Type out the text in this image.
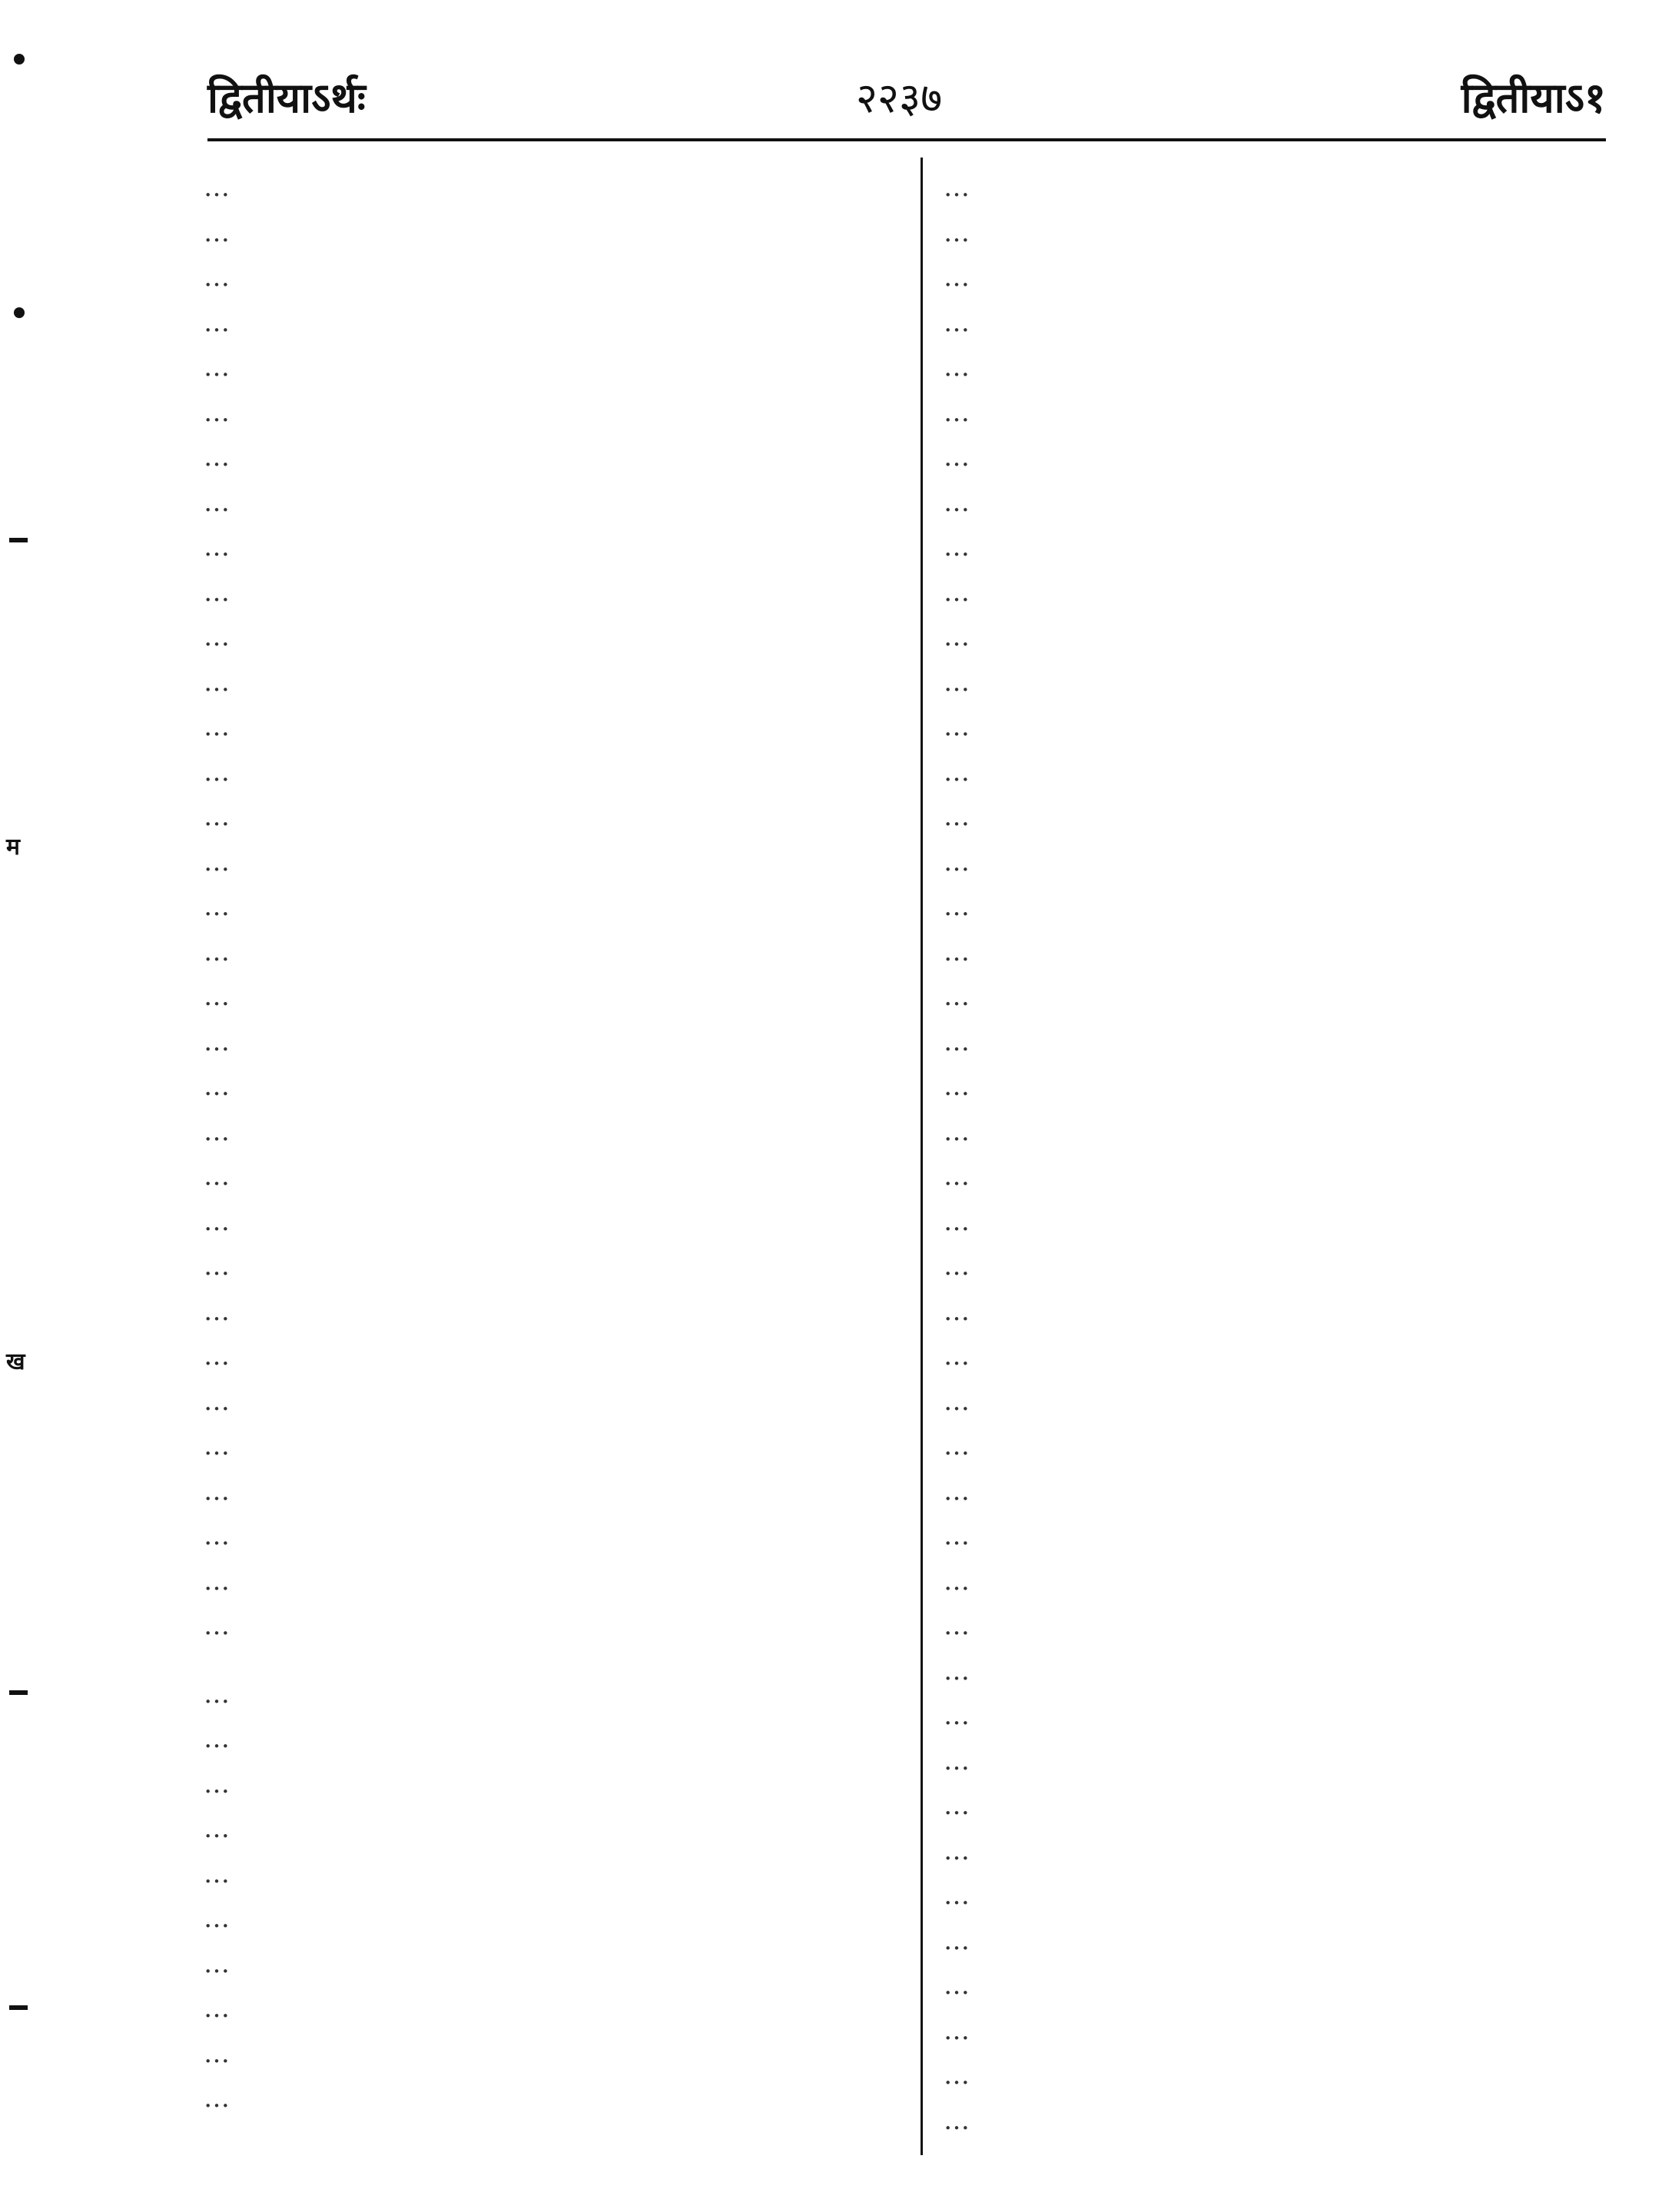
म
ख
द्वितीयाऽर्थः	२२३७	द्वितीयाऽ१
…
…
…
…
…
…
…
…
…
…
…
…
…
…
…
…
…
…
…
…
…
…
…
…
…
…
…
…
…
…
…
…
…
…
…
…
…
…
…
…
…
…
…
…
…
…
…
…
…
…
…
…
…
…
…
…
…
…
…
…
…
…
…
…
…
…
…
…
…
…
…
…
…
…
…
…
…
…
…
…
…
…
…
…
…
…
…
